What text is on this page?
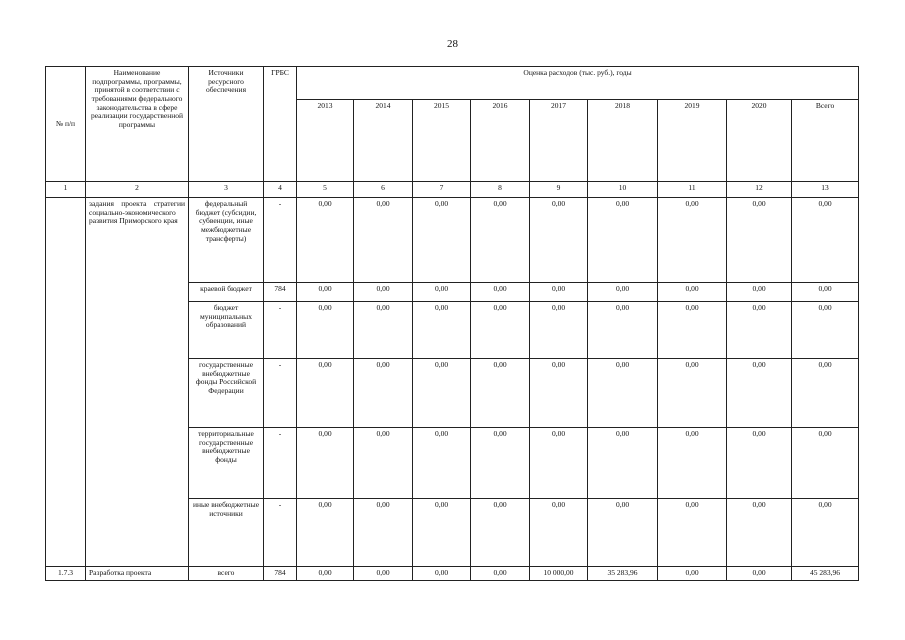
28
№ п/п	Наименование подпрограммы, программы, принятой в соответствии с требованиями федерального законодательства в сфере реализации государственной программы	Источники ресурсного обеспечения	ГРБС	Оценка расходов (тыс. руб.), годы								
				2013	2014	2015	2016	2017	2018	2019	2020	Всего
1	2	3	4	5	6	7	8	9	10	11	12	13
	задания проекта стратегии социально-экономического развития Приморского края	федеральный бюджет (субсидии, субвенции, иные межбюджетные трансферты)	-	0,00	0,00	0,00	0,00	0,00	0,00	0,00	0,00	0,00
		краевой бюджет	784	0,00	0,00	0,00	0,00	0,00	0,00	0,00	0,00	0,00
		бюджет муниципальных образований	-	0,00	0,00	0,00	0,00	0,00	0,00	0,00	0,00	0,00
		государственные внебюджетные фонды Российской Федерации	-	0,00	0,00	0,00	0,00	0,00	0,00	0,00	0,00	0,00
		территориальные государственные внебюджетные фонды	-	0,00	0,00	0,00	0,00	0,00	0,00	0,00	0,00	0,00
		иные внебюджетные источники	-	0,00	0,00	0,00	0,00	0,00	0,00	0,00	0,00	0,00
1.7.3	Разработка проекта	всего	784	0,00	0,00	0,00	0,00	10 000,00	35 283,96	0,00	0,00	45 283,96
